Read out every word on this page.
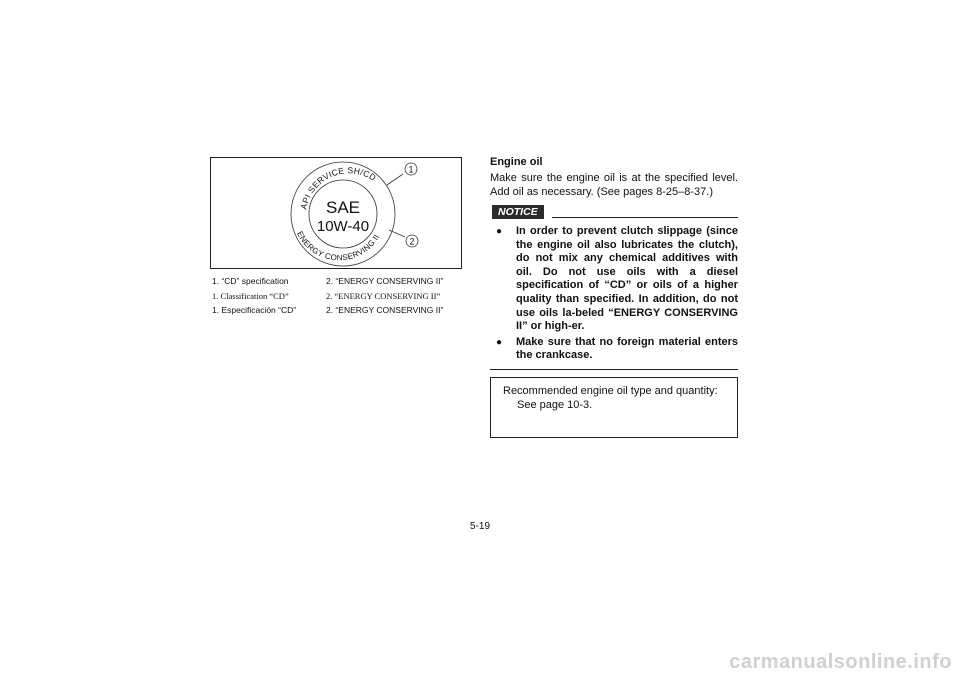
API SERVICE SH/CD
ENERGY CONSERVING II
SAE
10W-40
1
2
1. “CD” specification	2. “ENERGY CONSERVING II”
1. Classification “CD”	2. “ENERGY CONSERVING II”
1. Especificación “CD”	2. “ENERGY CONSERVING II”
Engine oil

Make sure the engine oil is at the specified level. Add oil as necessary. (See pages 8-25–8-37.)

NOTICE
● In order to prevent clutch slippage (since the engine oil also lubricates the clutch), do not mix any chemical additives with oil. Do not use oils with a diesel specification of “CD” or oils of a higher quality than specified. In addition, do not use oils la-beled “ENERGY CONSERVING II” or high-er.
● Make sure that no foreign material enters the crankcase.
Recommended engine oil type and quantity:
See page 10-3.
5-19
carmanualsonline.info
